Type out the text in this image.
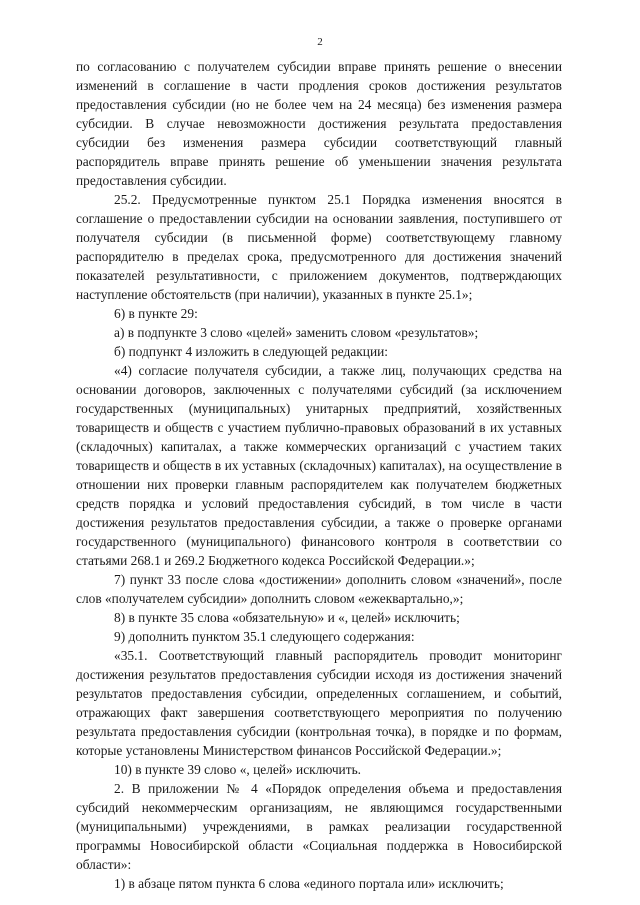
2

по согласованию с получателем субсидии вправе принять решение о внесении изменений в соглашение в части продления сроков достижения результатов предоставления субсидии (но не более чем на 24 месяца) без изменения размера субсидии. В случае невозможности достижения результата предоставления субсидии без изменения размера субсидии соответствующий главный распорядитель вправе принять решение об уменьшении значения результата предоставления субсидии.

25.2. Предусмотренные пунктом 25.1 Порядка изменения вносятся в соглашение о предоставлении субсидии на основании заявления, поступившего от получателя субсидии (в письменной форме) соответствующему главному распорядителю в пределах срока, предусмотренного для достижения значений показателей результативности, с приложением документов, подтверждающих наступление обстоятельств (при наличии), указанных в пункте 25.1»;

6) в пункте 29:

а) в подпункте 3 слово «целей» заменить словом «результатов»;

б) подпункт 4 изложить в следующей редакции:

«4) согласие получателя субсидии, а также лиц, получающих средства на основании договоров, заключенных с получателями субсидий (за исключением государственных (муниципальных) унитарных предприятий, хозяйственных товариществ и обществ с участием публично-правовых образований в их уставных (складочных) капиталах, а также коммерческих организаций с участием таких товариществ и обществ в их уставных (складочных) капиталах), на осуществление в отношении них проверки главным распорядителем как получателем бюджетных средств порядка и условий предоставления субсидий, в том числе в части достижения результатов предоставления субсидии, а также о проверке органами государственного (муниципального) финансового контроля в соответствии со статьями 268.1 и 269.2 Бюджетного кодекса Российской Федерации.»;

7) пункт 33 после слова «достижении» дополнить словом «значений», после слов «получателем субсидии» дополнить словом «ежеквартально,»;

8) в пункте 35 слова «обязательную» и «, целей» исключить;

9) дополнить пунктом 35.1 следующего содержания:

«35.1. Соответствующий главный распорядитель проводит мониторинг достижения результатов предоставления субсидии исходя из достижения значений результатов предоставления субсидии, определенных соглашением, и событий, отражающих факт завершения соответствующего мероприятия по получению результата предоставления субсидии (контрольная точка), в порядке и по формам, которые установлены Министерством финансов Российской Федерации.»;

10) в пункте 39 слово «, целей» исключить.

2. В приложении № 4 «Порядок определения объема и предоставления субсидий некоммерческим организациям, не являющимся государственными (муниципальными) учреждениями, в рамках реализации государственной программы Новосибирской области «Социальная поддержка в Новосибирской области»:

1) в абзаце пятом пункта 6 слова «единого портала или» исключить;
